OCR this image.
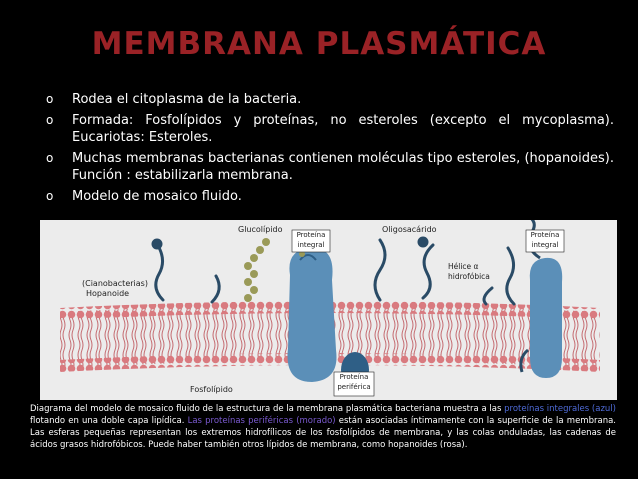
MEMBRANA PLASMÁTICA
o Rodea el citoplasma de la bacteria.
o Formada: Fosfolípidos y proteínas, no esteroles (excepto el mycoplasma). Eucariotas: Esteroles.
o Muchas membranas bacterianas contienen moléculas tipo esteroles, (hopanoides). Función : estabilizarla membrana.
o Modelo de mosaico fluido.
Glucolípido	Oligosacárido
Proteína integral
Proteína integral
Hélice α hidrofóbica
(Cianobacterias)
Hopanoide
Fosfolípido
Proteína periférica
Diagrama del modelo de mosaico fluido de la estructura de la membrana plasmática bacteriana muestra a las proteínas integrales (azul) flotando en una doble capa lipídica. Las proteínas periféricas (morado) están asociadas íntimamente con la superficie de la membrana. Las esferas pequeñas representan los extremos hidrofílicos de los fosfolípidos de membrana, y las colas onduladas, las cadenas de ácidos grasos hidrofóbicos. Puede haber también otros lípidos de membrana, como hopanoides (rosa).
